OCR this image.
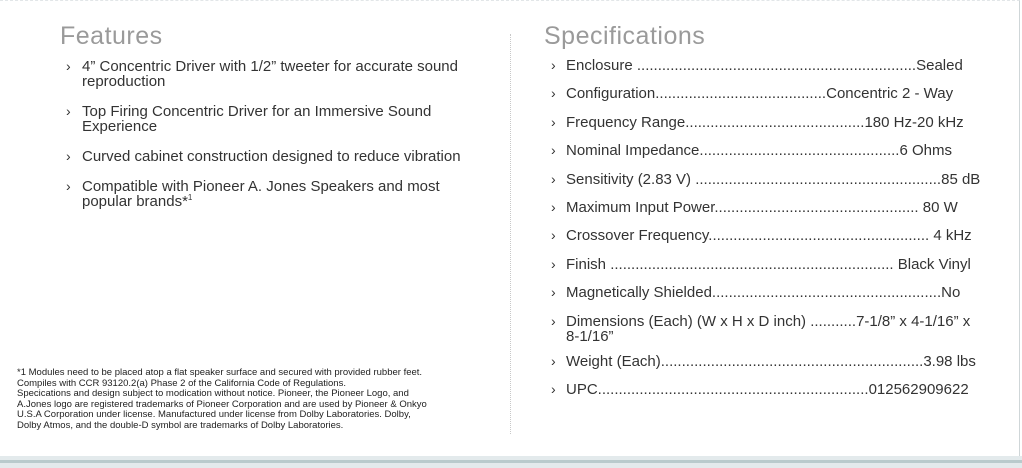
Features
› 4” Concentric Driver with 1/2” tweeter for accurate sound reproduction
› Top Firing Concentric Driver for an Immersive Sound Experience
› Curved cabinet construction designed to reduce vibration
› Compatible with Pioneer A. Jones Speakers and most popular brands*$^1$
Specifications
› Enclosure ...................................................................Sealed
› Configuration.........................................Concentric 2 - Way
› Frequency Range...........................................180 Hz-20 kHz
› Nominal Impedance................................................6 Ohms
› Sensitivity (2.83 V) ...........................................................85 dB
› Maximum Input Power................................................. 80 W
› Crossover Frequency..................................................... 4 kHz
› Finish .................................................................... Black Vinyl
› Magnetically Shielded.......................................................No
› Dimensions (Each) (W x H x D inch) ...........7-1/8” x 4-1/16” x 8-1/16”
› Weight (Each)...............................................................3.98 lbs
› UPC.................................................................012562909622

*1 Modules need to be placed atop a flat speaker surface and secured with provided rubber feet.

Compiles with CCR 93120.2(a) Phase 2 of the California Code of Regulations.

Specications and design subject to modication without notice. Pioneer, the Pioneer Logo, and

A.Jones logo are registered trademarks of Pioneer Corporation and are used by Pioneer & Onkyo

U.S.A Corporation under license. Manufactured under license from Dolby Laboratories. Dolby,

Dolby Atmos, and the double-D symbol are trademarks of Dolby Laboratories.
